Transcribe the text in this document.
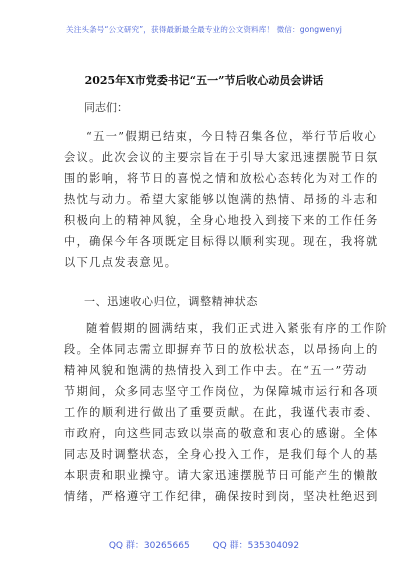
关注头条号“公文研究”，获得最新最全最专业的公文资料库！ 微信：gongwenyj
2025年X市党委书记“五一”节后收心动员会讲话
同志们：
“五一”假期已结束，今日特召集各位，举行节后收心
会议。此次会议的主要宗旨在于引导大家迅速摆脱节日氛
围的影响，将节日的喜悦之情和放松心态转化为对工作的
热忱与动力。希望大家能够以饱满的热情、昂扬的斗志和
积极向上的精神风貌，全身心地投入到接下来的工作任务
中，确保今年各项既定目标得以顺利实现。现在，我将就
以下几点发表意见。
一、迅速收心归位，调整精神状态
随着假期的圆满结束，我们正式进入紧张有序的工作阶
段。全体同志需立即摒弃节日的放松状态，以昂扬向上的
精神风貌和饱满的热情投入到工作中去。在“五一”劳动
节期间，众多同志坚守工作岗位，为保障城市运行和各项
工作的顺利进行做出了重要贡献。在此，我谨代表市委、
市政府，向这些同志致以崇高的敬意和衷心的感谢。全体
同志及时调整状态，全身心投入工作，是我们每个人的基
本职责和职业操守。请大家迅速摆脱节日可能产生的懒散
情绪，严格遵守工作纪律，确保按时到岗，坚决杜绝迟到
QQ 群：30265665	QQ 群：535304092
